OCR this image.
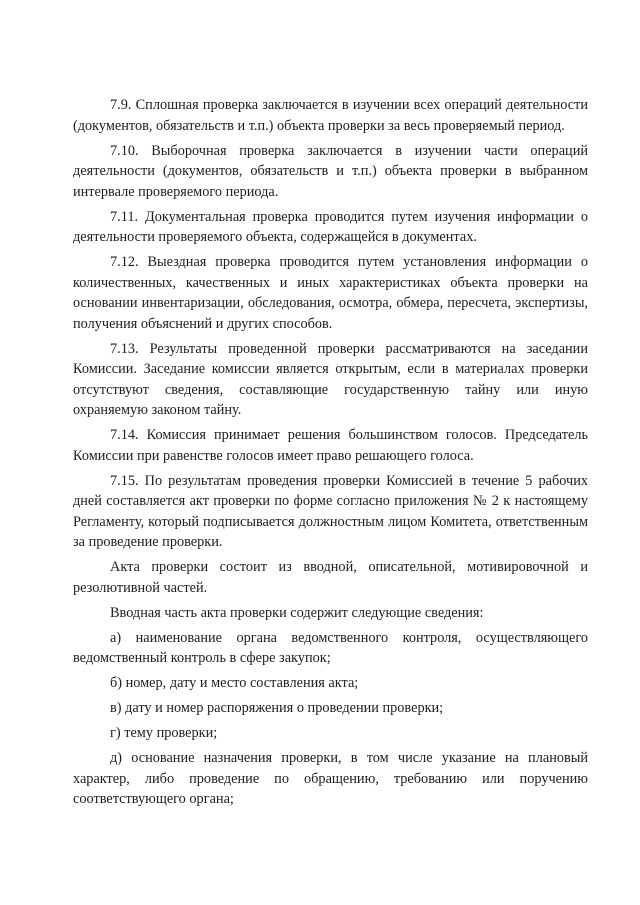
7.9. Сплошная проверка заключается в изучении всех операций деятельности (документов, обязательств и т.п.) объекта проверки за весь проверяемый период.

7.10. Выборочная проверка заключается в изучении части операций деятельности (документов, обязательств и т.п.) объекта проверки в выбранном интервале проверяемого периода.

7.11. Документальная проверка проводится путем изучения информации о деятельности проверяемого объекта, содержащейся в документах.

7.12. Выездная проверка проводится путем установления информации о количественных, качественных и иных характеристиках объекта проверки на основании инвентаризации, обследования, осмотра, обмера, пересчета, экспертизы, получения объяснений и других способов.

7.13. Результаты проведенной проверки рассматриваются на заседании Комиссии. Заседание комиссии является открытым, если в материалах проверки отсутствуют сведения, составляющие государственную тайну или иную охраняемую законом тайну.

7.14. Комиссия принимает решения большинством голосов. Председатель Комиссии при равенстве голосов имеет право решающего голоса.

7.15. По результатам проведения проверки Комиссией в течение 5 рабочих дней составляется акт проверки по форме согласно приложения № 2 к настоящему Регламенту, который подписывается должностным лицом Комитета, ответственным за проведение проверки.

Акта проверки состоит из вводной, описательной, мотивировочной и резолютивной частей.

Вводная часть акта проверки содержит следующие сведения:

а) наименование органа ведомственного контроля, осуществляющего ведомственный контроль в сфере закупок;

б) номер, дату и место составления акта;

в) дату и номер распоряжения о проведении проверки;

г) тему проверки;

д) основание назначения проверки, в том числе указание на плановый характер, либо проведение по обращению, требованию или поручению соответствующего органа;
